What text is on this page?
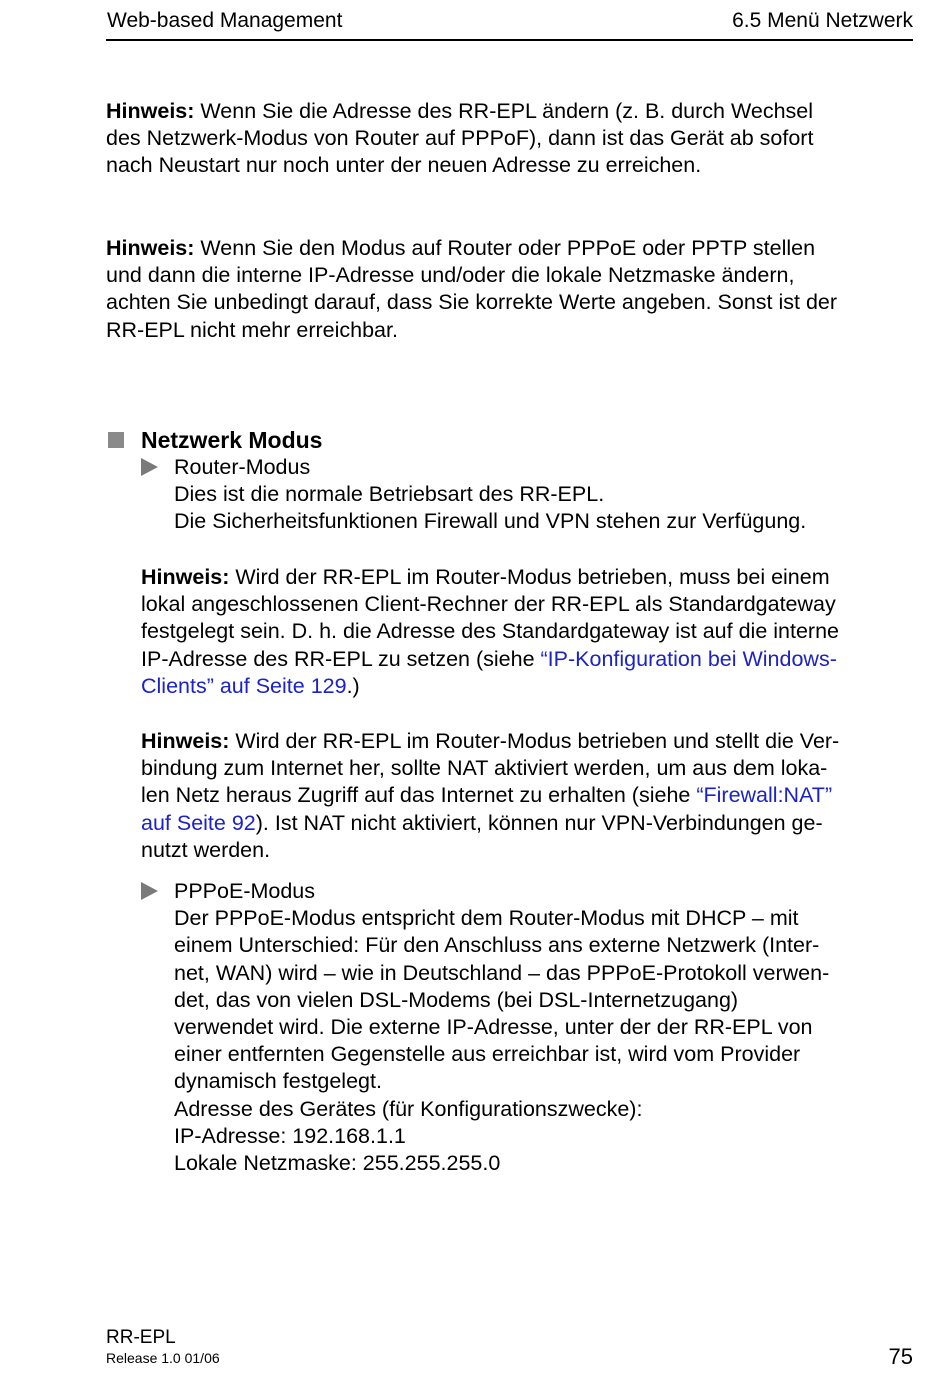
Web-based Management	6.5 Menü Netzwerk
Hinweis: Wenn Sie die Adresse des RR-EPL ändern (z. B. durch Wechsel
des Netzwerk-Modus von Router auf PPPoF), dann ist das Gerät ab sofort
nach Neustart nur noch unter der neuen Adresse zu erreichen.
Hinweis: Wenn Sie den Modus auf Router oder PPPoE oder PPTP stellen
und dann die interne IP-Adresse und/oder die lokale Netzmaske ändern,
achten Sie unbedingt darauf, dass Sie korrekte Werte angeben. Sonst ist der
RR-EPL nicht mehr erreichbar.
Netzwerk Modus
Router-Modus
Dies ist die normale Betriebsart des RR-EPL.
Die Sicherheitsfunktionen Firewall und VPN stehen zur Verfügung.
Hinweis: Wird der RR-EPL im Router-Modus betrieben, muss bei einem
lokal angeschlossenen Client-Rechner der RR-EPL als Standardgateway
festgelegt sein. D. h. die Adresse des Standardgateway ist auf die interne
IP-Adresse des RR-EPL zu setzen (siehe “IP-Konfiguration bei Windows-
Clients” auf Seite 129.)
Hinweis: Wird der RR-EPL im Router-Modus betrieben und stellt die Ver-
bindung zum Internet her, sollte NAT aktiviert werden, um aus dem loka-
len Netz heraus Zugriff auf das Internet zu erhalten (siehe “Firewall:NAT”
auf Seite 92). Ist NAT nicht aktiviert, können nur VPN-Verbindungen ge-
nutzt werden.
PPPoE-Modus
Der PPPoE-Modus entspricht dem Router-Modus mit DHCP – mit
einem Unterschied: Für den Anschluss ans externe Netzwerk (Inter-
net, WAN) wird – wie in Deutschland – das PPPoE-Protokoll verwen-
det, das von vielen DSL-Modems (bei DSL-Internetzugang)
verwendet wird. Die externe IP-Adresse, unter der der RR-EPL von
einer entfernten Gegenstelle aus erreichbar ist, wird vom Provider
dynamisch festgelegt.
Adresse des Gerätes (für Konfigurationszwecke):
IP-Adresse: 192.168.1.1
Lokale Netzmaske: 255.255.255.0
RR-EPL
Release 1.0 01/06	75
